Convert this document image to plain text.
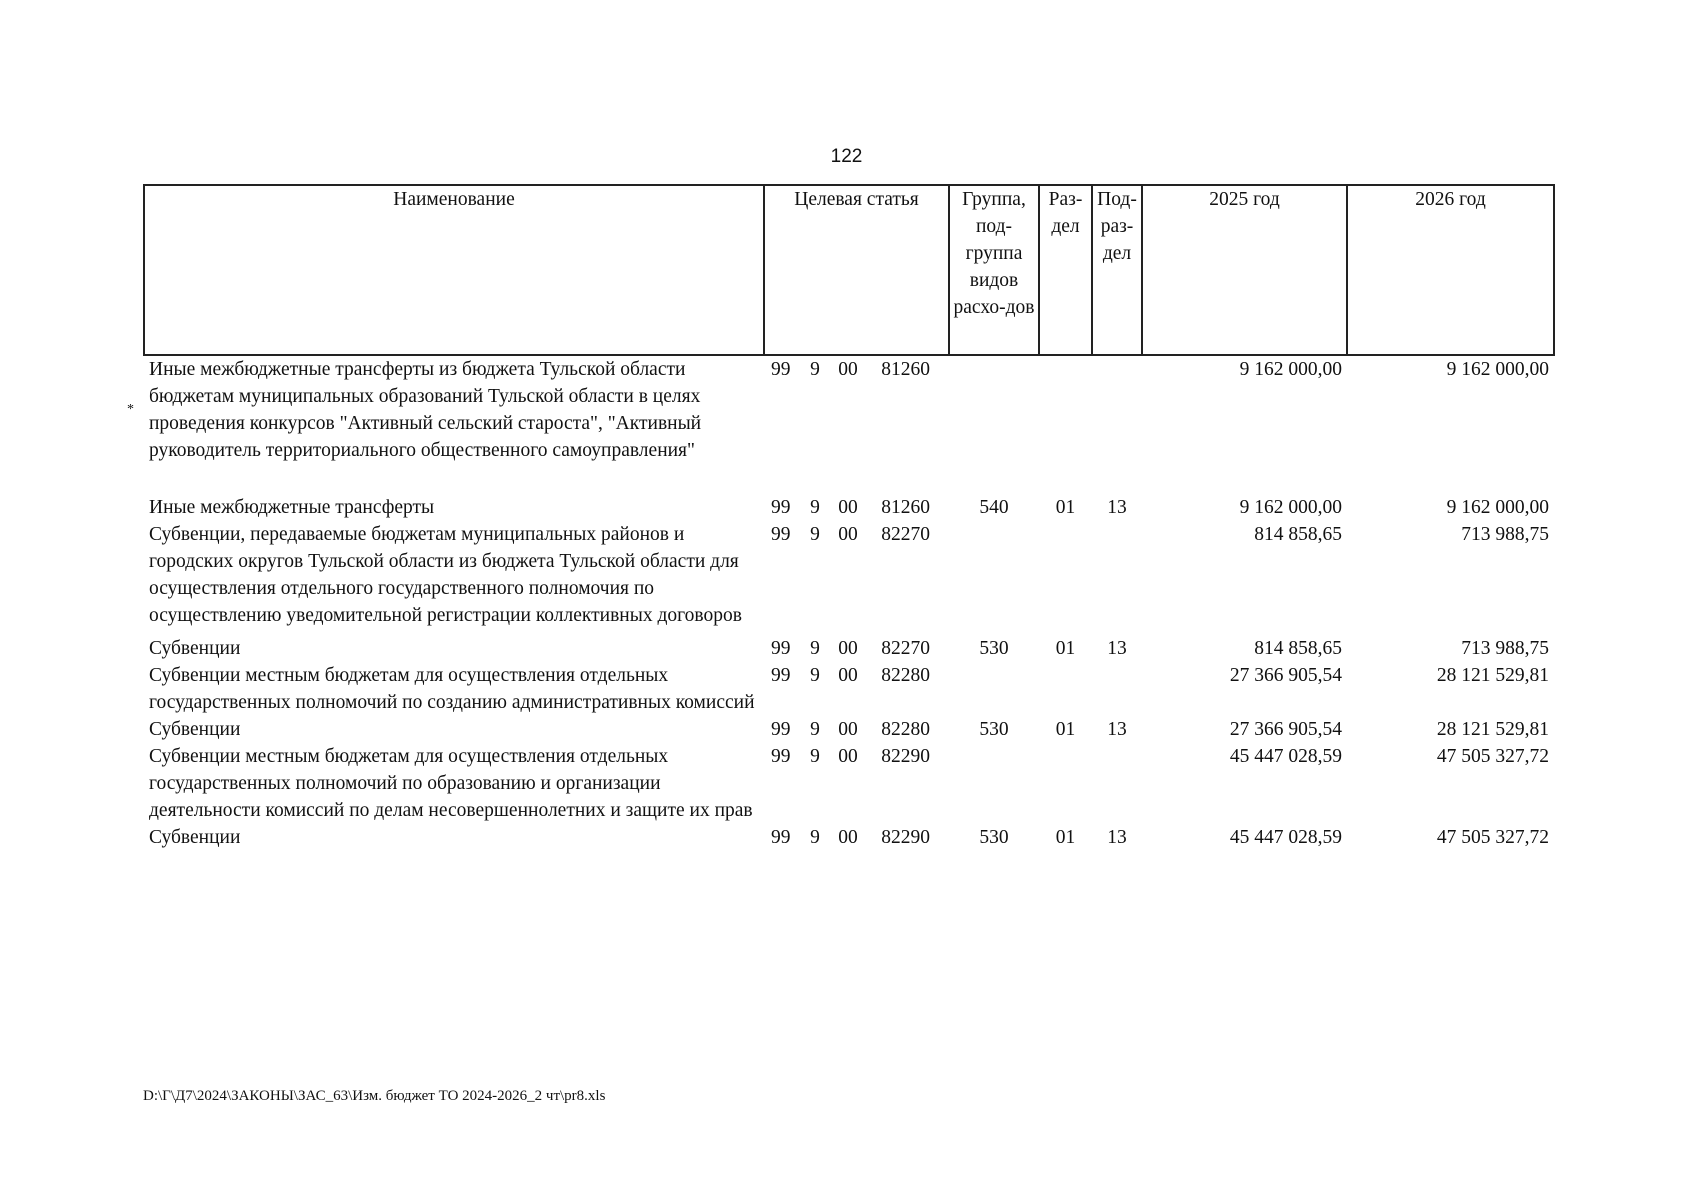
122
*
Наименование	Целевая статья	Группа, под-группа видов расхо-дов	Раз-дел	Под-раз-дел	2025 год	2026 год
Иные межбюджетные трансферты из бюджета Тульской области бюджетам муниципальных образований Тульской области в целях проведения конкурсов "Активный сельский староста", "Активный руководитель территориального общественного самоуправления"	99 9 00 81260				9 162 000,00	9 162 000,00
Иные межбюджетные трансферты	99 9 00 81260	540	01	13	9 162 000,00	9 162 000,00
Субвенции, передаваемые бюджетам муниципальных районов и городских округов Тульской области из бюджета Тульской области для осуществления отдельного государственного полномочия по осуществлению уведомительной регистрации коллективных договоров	99 9 00 82270				814 858,65	713 988,75
Субвенции	99 9 00 82270	530	01	13	814 858,65	713 988,75
Субвенции местным бюджетам для осуществления отдельных государственных полномочий по созданию административных комиссий	99 9 00 82280				27 366 905,54	28 121 529,81
Субвенции	99 9 00 82280	530	01	13	27 366 905,54	28 121 529,81
Субвенции местным бюджетам для осуществления отдельных государственных полномочий по образованию и организации деятельности комиссий по делам несовершеннолетних и защите их прав	99 9 00 82290				45 447 028,59	47 505 327,72
Субвенции	99 9 00 82290	530	01	13	45 447 028,59	47 505 327,72
D:\Г\Д7\2024\ЗАКОНЫ\ЗАС_63\Изм. бюджет ТО 2024-2026_2 чт\pr8.xls
